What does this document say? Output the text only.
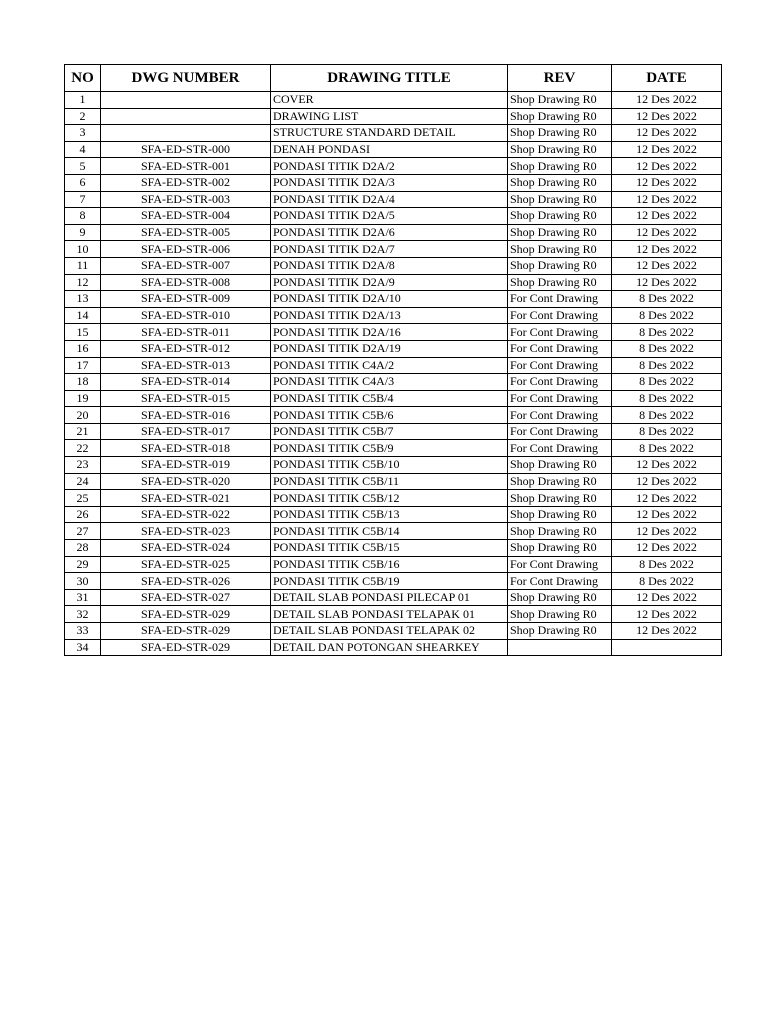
NO	DWG NUMBER	DRAWING TITLE	REV	DATE
1		COVER	Shop Drawing R0	12 Des 2022
2		DRAWING LIST	Shop Drawing R0	12 Des 2022
3		STRUCTURE STANDARD DETAIL	Shop Drawing R0	12 Des 2022
4	SFA-ED-STR-000	DENAH PONDASI	Shop Drawing R0	12 Des 2022
5	SFA-ED-STR-001	PONDASI TITIK D2A/2	Shop Drawing R0	12 Des 2022
6	SFA-ED-STR-002	PONDASI TITIK D2A/3	Shop Drawing R0	12 Des 2022
7	SFA-ED-STR-003	PONDASI TITIK D2A/4	Shop Drawing R0	12 Des 2022
8	SFA-ED-STR-004	PONDASI TITIK D2A/5	Shop Drawing R0	12 Des 2022
9	SFA-ED-STR-005	PONDASI TITIK D2A/6	Shop Drawing R0	12 Des 2022
10	SFA-ED-STR-006	PONDASI TITIK D2A/7	Shop Drawing R0	12 Des 2022
11	SFA-ED-STR-007	PONDASI TITIK D2A/8	Shop Drawing R0	12 Des 2022
12	SFA-ED-STR-008	PONDASI TITIK D2A/9	Shop Drawing R0	12 Des 2022
13	SFA-ED-STR-009	PONDASI TITIK D2A/10	For Cont Drawing	8 Des 2022
14	SFA-ED-STR-010	PONDASI TITIK D2A/13	For Cont Drawing	8 Des 2022
15	SFA-ED-STR-011	PONDASI TITIK D2A/16	For Cont Drawing	8 Des 2022
16	SFA-ED-STR-012	PONDASI TITIK D2A/19	For Cont Drawing	8 Des 2022
17	SFA-ED-STR-013	PONDASI TITIK C4A/2	For Cont Drawing	8 Des 2022
18	SFA-ED-STR-014	PONDASI TITIK C4A/3	For Cont Drawing	8 Des 2022
19	SFA-ED-STR-015	PONDASI TITIK C5B/4	For Cont Drawing	8 Des 2022
20	SFA-ED-STR-016	PONDASI TITIK C5B/6	For Cont Drawing	8 Des 2022
21	SFA-ED-STR-017	PONDASI TITIK C5B/7	For Cont Drawing	8 Des 2022
22	SFA-ED-STR-018	PONDASI TITIK C5B/9	For Cont Drawing	8 Des 2022
23	SFA-ED-STR-019	PONDASI TITIK C5B/10	Shop Drawing R0	12 Des 2022
24	SFA-ED-STR-020	PONDASI TITIK C5B/11	Shop Drawing R0	12 Des 2022
25	SFA-ED-STR-021	PONDASI TITIK C5B/12	Shop Drawing R0	12 Des 2022
26	SFA-ED-STR-022	PONDASI TITIK C5B/13	Shop Drawing R0	12 Des 2022
27	SFA-ED-STR-023	PONDASI TITIK C5B/14	Shop Drawing R0	12 Des 2022
28	SFA-ED-STR-024	PONDASI TITIK C5B/15	Shop Drawing R0	12 Des 2022
29	SFA-ED-STR-025	PONDASI TITIK C5B/16	For Cont Drawing	8 Des 2022
30	SFA-ED-STR-026	PONDASI TITIK C5B/19	For Cont Drawing	8 Des 2022
31	SFA-ED-STR-027	DETAIL SLAB PONDASI PILECAP 01	Shop Drawing R0	12 Des 2022
32	SFA-ED-STR-029	DETAIL SLAB PONDASI TELAPAK 01	Shop Drawing R0	12 Des 2022
33	SFA-ED-STR-029	DETAIL SLAB PONDASI TELAPAK 02	Shop Drawing R0	12 Des 2022
34	SFA-ED-STR-029	DETAIL DAN POTONGAN SHEARKEY		
